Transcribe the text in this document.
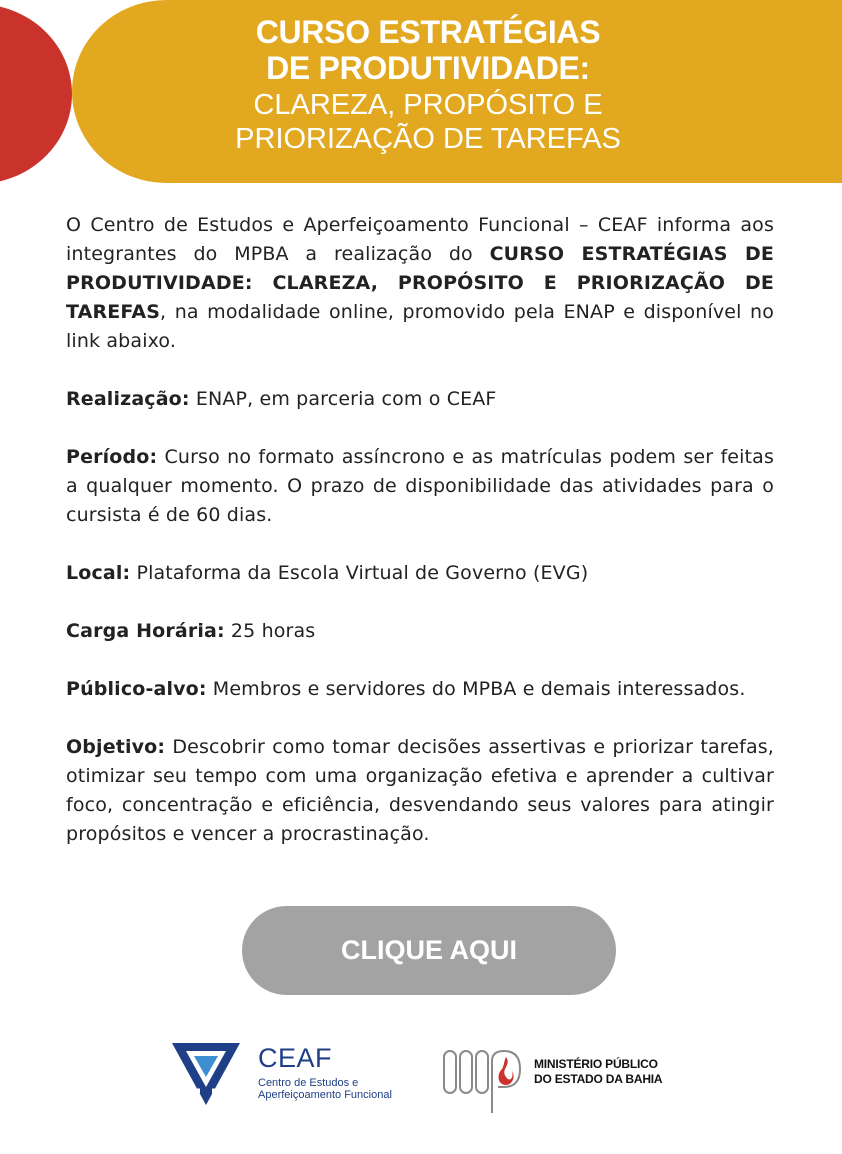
CURSO ESTRATÉGIAS
DE PRODUTIVIDADE:
CLAREZA, PROPÓSITO E
PRIORIZAÇÃO DE TAREFAS

O Centro de Estudos e Aperfeiçoamento Funcional – CEAF informa aos integrantes do MPBA a realização do CURSO ESTRATÉGIAS DE PRODUTIVIDADE: CLAREZA, PROPÓSITO E PRIORIZAÇÃO DE TAREFAS, na modalidade online, promovido pela ENAP e disponível no link abaixo.

Realização: ENAP, em parceria com o CEAF

Período: Curso no formato assíncrono e as matrículas podem ser feitas a qualquer momento. O prazo de disponibilidade das atividades para o cursista é de 60 dias.

Local: Plataforma da Escola Virtual de Governo (EVG)

Carga Horária: 25 horas

Público-alvo: Membros e servidores do MPBA e demais interessados.

Objetivo: Descobrir como tomar decisões assertivas e priorizar tarefas, otimizar seu tempo com uma organização efetiva e aprender a cultivar foco, concentração e eficiência, desvendando seus valores para atingir propósitos e vencer a procrastinação.

CLIQUE AQUI
CEAF
Centro de Estudos e
Aperfeiçoamento Funcional
MINISTÉRIO PÚBLICO
DO ESTADO DA BAHIA
